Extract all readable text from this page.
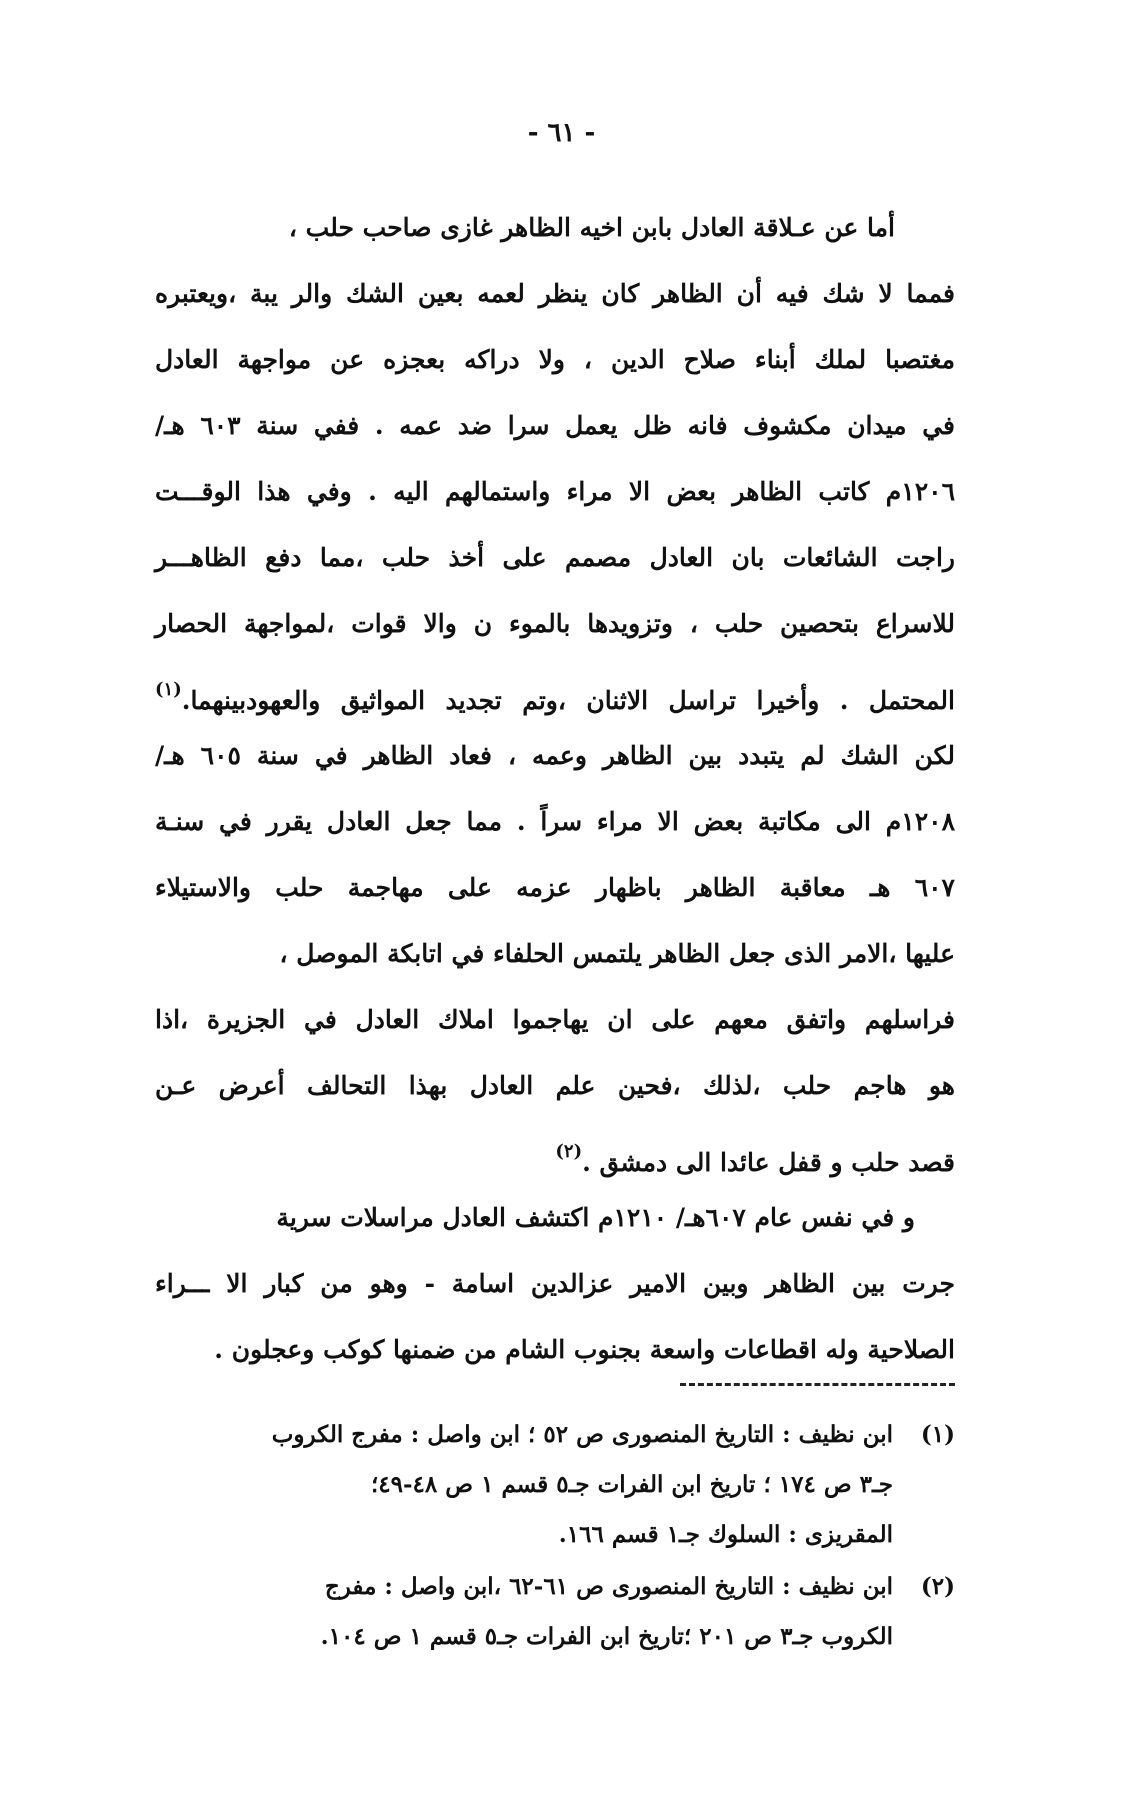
- ٦١ -
أما عن عـلاقة العادل بابن اخيه الظاهر غازى صاحب حلب ،
فمما لا شك فيه أن الظاهر كان ينظر لعمه بعين الشك والر يبة ،ويعتبره
مغتصبا لملك أبناء صلاح الدين ، ولا دراكه بعجزه عن مواجهة العادل
في ميدان مكشوف فانه ظل يعمل سرا ضد عمه . ففي سنة ٦٠٣ هـ/
١٢٠٦م كاتب الظاهر بعض الا مراء واستمالهم اليه . وفي هذا الوقـــت
راجت الشائعات بان العادل مصمم على أخذ حلب ،مما دفع الظاهـــر
للاسراع بتحصين حلب ، وتزويدها بالموء ن والا قوات ،لمواجهة الحصار
المحتمل . وأخيرا تراسل الاثنان ،وتم تجديد المواثيق والعهودبينهما.$^{(١)}$
لكن الشك لم يتبدد بين الظاهر وعمه ، فعاد الظاهر في سنة ٦٠٥ هـ/
١٢٠٨م الى مكاتبة بعض الا مراء سراً . مما جعل العادل يقرر في سنـة
٦٠٧ هـ معاقبة الظاهر باظهار عزمه على مهاجمة حلب والاستيلاء
عليها ،الامر الذى جعل الظاهر يلتمس الحلفاء في اتابكة الموصل ،
فراسلهم واتفق معهم على ان يهاجموا املاك العادل في الجزيرة ،اذا
هو هاجم حلب ،لذلك ،فحين علم العادل بهذا التحالف أعرض عـن
قصد حلب و قفل عائدا الى دمشق .$^{(٢)}$
و في نفس عام ٦٠٧هـ/ ١٢١٠م اكتشف العادل مراسلات سرية
جرت بين الظاهر وبين الامير عزالدين اسامة - وهو من كبار الا ـــراء
الصلاحية وله اقطاعات واسعة بجنوب الشام من ضمنها كوكب وعجلون .
(١)
ابن نظيف : التاريخ المنصورى ص ٥٢ ؛ ابن واصل : مفرج الكروب
جـ٣ ص ١٧٤ ؛ تاريخ ابن الفرات جـ٥ قسم ١ ص ٤٨-٤٩؛
المقريزى : السلوك جـ١ قسم ١٦٦.
(٢)
ابن نظيف : التاريخ المنصورى ص ٦١-٦٢ ،ابن واصل : مفرج
الكروب جـ٣ ص ٢٠١ ؛تاريخ ابن الفرات جـ٥ قسم ١ ص ١٠٤.
